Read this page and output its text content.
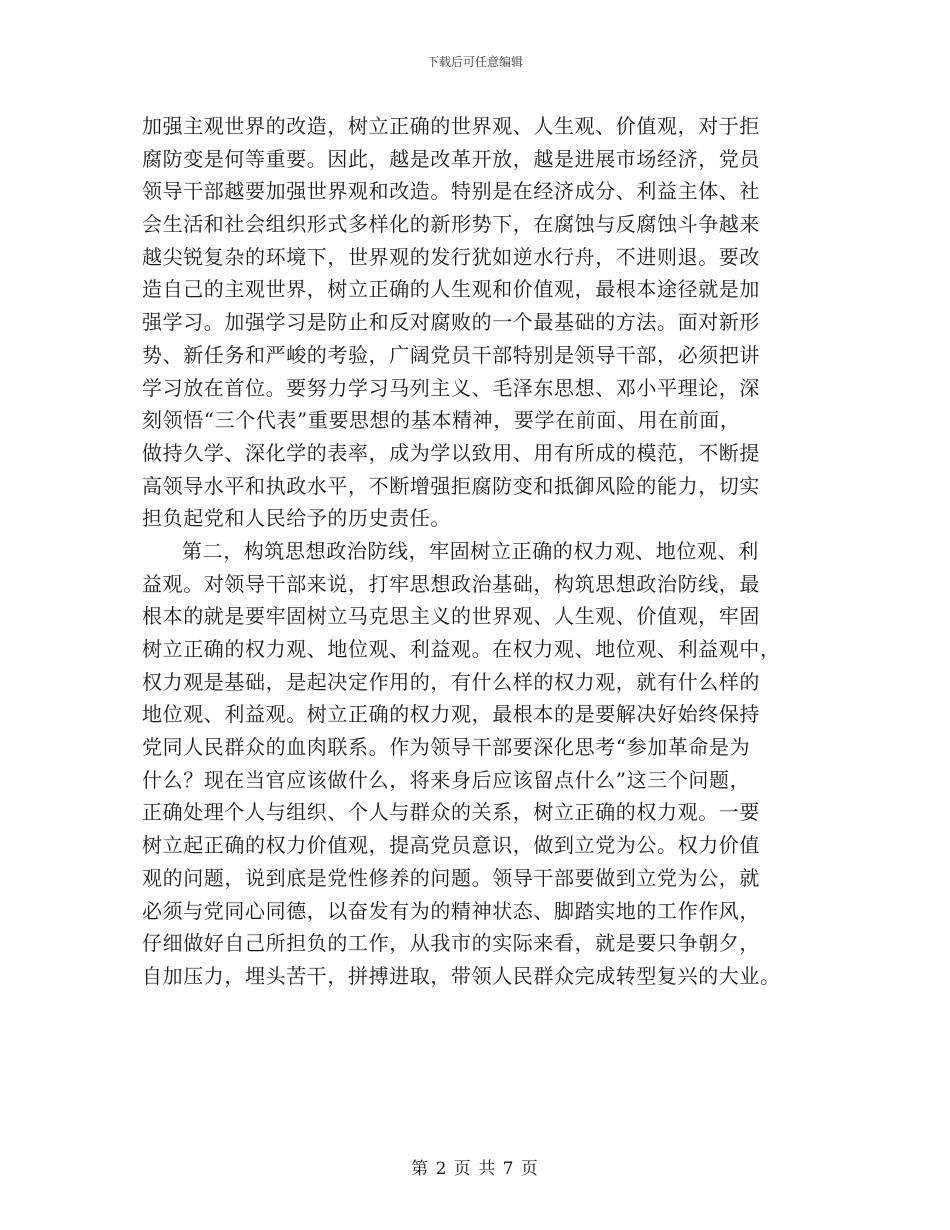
下载后可任意编辑
加强主观世界的改造，树立正确的世界观、人生观、价值观，对于拒
腐防变是何等重要。因此，越是改革开放，越是进展市场经济，党员
领导干部越要加强世界观和改造。特别是在经济成分、利益主体、社
会生活和社会组织形式多样化的新形势下，在腐蚀与反腐蚀斗争越来
越尖锐复杂的环境下，世界观的发行犹如逆水行舟，不进则退。要改
造自己的主观世界，树立正确的人生观和价值观，最根本途径就是加
强学习。加强学习是防止和反对腐败的一个最基础的方法。面对新形
势、新任务和严峻的考验，广阔党员干部特别是领导干部，必须把讲
学习放在首位。要努力学习马列主义、毛泽东思想、邓小平理论，深
刻领悟“三个代表”重要思想的基本精神，要学在前面、用在前面，
做持久学、深化学的表率，成为学以致用、用有所成的模范，不断提
高领导水平和执政水平，不断增强拒腐防变和抵御风险的能力，切实
担负起党和人民给予的历史责任。
第二，构筑思想政治防线，牢固树立正确的权力观、地位观、利
益观。对领导干部来说，打牢思想政治基础，构筑思想政治防线，最
根本的就是要牢固树立马克思主义的世界观、人生观、价值观，牢固
树立正确的权力观、地位观、利益观。在权力观、地位观、利益观中，
权力观是基础，是起决定作用的，有什么样的权力观，就有什么样的
地位观、利益观。树立正确的权力观，最根本的是要解决好始终保持
党同人民群众的血肉联系。作为领导干部要深化思考“参加革命是为
什么？现在当官应该做什么，将来身后应该留点什么”这三个问题，
正确处理个人与组织、个人与群众的关系，树立正确的权力观。一要
树立起正确的权力价值观，提高党员意识，做到立党为公。权力价值
观的问题，说到底是党性修养的问题。领导干部要做到立党为公，就
必须与党同心同德，以奋发有为的精神状态、脚踏实地的工作作风，
仔细做好自己所担负的工作，从我市的实际来看，就是要只争朝夕，
自加压力，埋头苦干，拼搏进取，带领人民群众完成转型复兴的大业。
第 2 页 共 7 页
